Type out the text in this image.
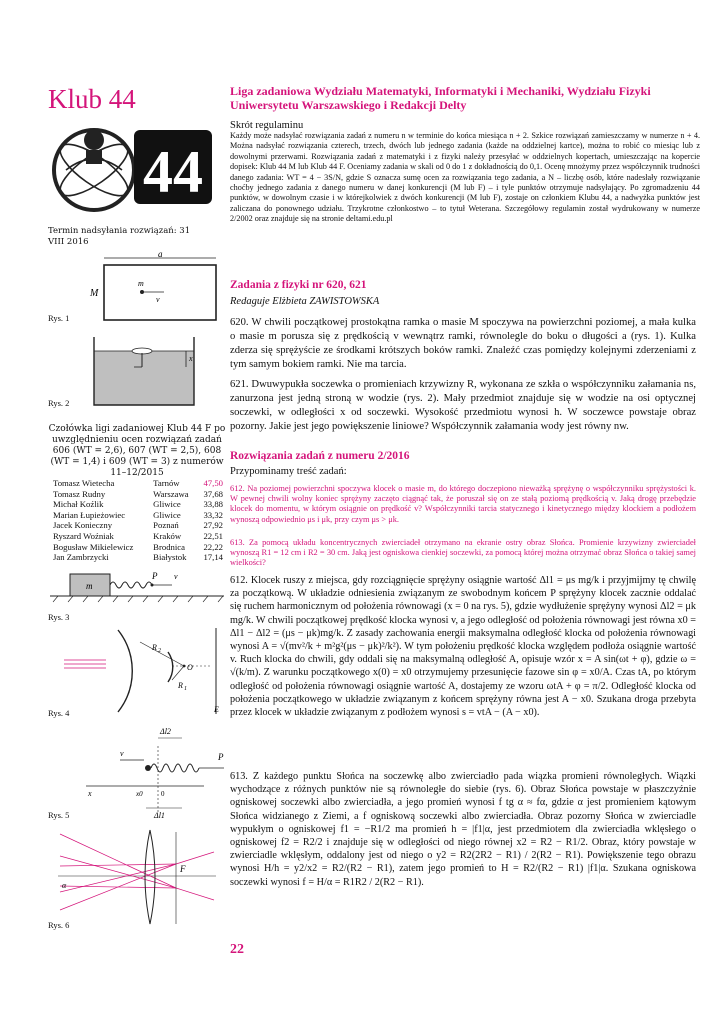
Klub 44
44
Termin nadsyłania rozwiązań: 31 VIII 2016
a
M
m
v
Rys. 1
x
Rys. 2
Czołówka ligi zadaniowej Klub 44 F po uwzględnieniu ocen rozwiązań zadań 606 (WT = 2,6), 607 (WT = 2,5), 608 (WT = 1,4) i 609 (WT = 3) z numerów 11–12/2015
Tomasz Wietecha	Tarnów	47,50
Tomasz Rudny	Warszawa	37,68
Michał Koźlik	Gliwice	33,88
Marian Łupieżowiec	Gliwice	33,32
Jacek Konieczny	Poznań	27,92
Ryszard Woźniak	Kraków	22,51
Bogusław Mikielewicz	Brodnica	22,22
Jan Zambrzycki	Białystok	17,14
m
P v
Rys. 3
O
R 2
R 1
E
Rys. 4
Δl2
v	P
x	x0	0
Δl1
Rys. 5
F
α
Rys. 6
Liga zadaniowa Wydziału Matematyki, Informatyki i Mechaniki, Wydziału Fizyki Uniwersytetu Warszawskiego i Redakcji Delty
Skrót regulaminu
Każdy może nadsyłać rozwiązania zadań z numeru n w terminie do końca miesiąca n + 2. Szkice rozwiązań zamieszczamy w numerze n + 4. Można nadsyłać rozwiązania czterech, trzech, dwóch lub jednego zadania (każde na oddzielnej kartce), można to robić co miesiąc lub z dowolnymi przerwami. Rozwiązania zadań z matematyki i z fizyki należy przesyłać w oddzielnych kopertach, umieszczając na kopercie dopisek: Klub 44 M lub Klub 44 F. Oceniamy zadania w skali od 0 do 1 z dokładnością do 0,1. Ocenę mnożymy przez współczynnik trudności danego zadania: WT = 4 − 3S/N, gdzie S oznacza sumę ocen za rozwiązania tego zadania, a N – liczbę osób, które nadesłały rozwiązanie choćby jednego zadania z danego numeru w danej konkurencji (M lub F) – i tyle punktów otrzymuje nadsyłający. Po zgromadzeniu 44 punktów, w dowolnym czasie i w którejkolwiek z dwóch konkurencji (M lub F), zostaje on członkiem Klubu 44, a nadwyżka punktów jest zaliczana do ponownego udziału. Trzykrotne członkostwo – to tytuł Weterana. Szczegółowy regulamin został wydrukowany w numerze 2/2002 oraz znajduje się na stronie deltami.edu.pl
Zadania z fizyki nr 620, 621
Redaguje Elżbieta ZAWISTOWSKA
620. W chwili początkowej prostokątna ramka o masie M spoczywa na powierzchni poziomej, a mała kulka o masie m porusza się z prędkością v wewnątrz ramki, równolegle do boku o długości a (rys. 1). Kulka zderza się sprężyście ze środkami krótszych boków ramki. Znaleźć czas pomiędzy kolejnymi zderzeniami z tym samym bokiem ramki. Nie ma tarcia.
621. Dwuwypukła soczewka o promieniach krzywizny R, wykonana ze szkła o współczynniku załamania ns, zanurzona jest jedną stroną w wodzie (rys. 2). Mały przedmiot znajduje się w wodzie na osi optycznej soczewki, w odległości x od soczewki. Wysokość przedmiotu wynosi h. W soczewce powstaje obraz pozorny. Jakie jest jego powiększenie liniowe? Współczynnik załamania wody jest równy nw.
Rozwiązania zadań z numeru 2/2016
Przypominamy treść zadań:
612. Na poziomej powierzchni spoczywa klocek o masie m, do którego doczepiono nieważką sprężynę o współczynniku sprężystości k. W pewnej chwili wolny koniec sprężyny zaczęto ciągnąć tak, że poruszał się on ze stałą poziomą prędkością v. Jaką drogę przebędzie klocek do momentu, w którym osiągnie on prędkość v? Współczynniki tarcia statycznego i kinetycznego między klockiem a podłożem wynoszą odpowiednio μs i μk, przy czym μs > μk.
613. Za pomocą układu koncentrycznych zwierciadeł otrzymano na ekranie ostry obraz Słońca. Promienie krzywizny zwierciadeł wynoszą R1 = 12 cm i R2 = 30 cm. Jaką jest ogniskowa cienkiej soczewki, za pomocą której można otrzymać obraz Słońca o takiej samej wielkości?
612. Klocek ruszy z miejsca, gdy rozciągnięcie sprężyny osiągnie wartość Δl1 = μs mg/k i przyjmijmy tę chwilę za początkową. W układzie odniesienia związanym ze swobodnym końcem P sprężyny klocek zacznie oddalać się ruchem harmonicznym od położenia równowagi (x = 0 na rys. 5), gdzie wydłużenie sprężyny wynosi Δl2 = μk mg/k. W chwili początkowej prędkość klocka wynosi v, a jego odległość od położenia równowagi jest równa x0 = Δl1 − Δl2 = (μs − μk)mg/k. Z zasady zachowania energii maksymalna odległość klocka od położenia równowagi wynosi A = √(mv²/k + m²g²(μs − μk)²/k²). W tym położeniu prędkość klocka względem podłoża osiągnie wartość v. Ruch klocka do chwili, gdy oddali się na maksymalną odległość A, opisuje wzór x = A sin(ωt + φ), gdzie ω = √(k/m). Z warunku początkowego x(0) = x0 otrzymujemy przesunięcie fazowe sin φ = x0/A. Czas tA, po którym odległość od położenia równowagi osiągnie wartość A, dostajemy ze wzoru ωtA + φ = π/2. Odległość klocka od położenia początkowego w układzie związanym z końcem sprężyny równa jest A − x0. Szukana droga przebyta przez klocek w układzie związanym z podłożem wynosi s = vtA − (A − x0).
613. Z każdego punktu Słońca na soczewkę albo zwierciadło pada wiązka promieni równoległych. Wiązki wychodzące z różnych punktów nie są równoległe do siebie (rys. 6). Obraz Słońca powstaje w płaszczyźnie ogniskowej soczewki albo zwierciadła, a jego promień wynosi f tg α ≈ fα, gdzie α jest promieniem kątowym Słońca widzianego z Ziemi, a f ogniskową soczewki albo zwierciadła. Obraz pozorny Słońca w zwierciadle wypukłym o ogniskowej f1 = −R1/2 ma promień h = |f1|α, jest przedmiotem dla zwierciadła wklęsłego o ogniskowej f2 = R2/2 i znajduje się w odległości od niego równej x2 = R2 − R1/2. Obraz, który powstaje w zwierciadle wklęsłym, oddalony jest od niego o y2 = R2(2R2 − R1) / 2(R2 − R1). Powiększenie tego obrazu wynosi H/h = y2/x2 = R2/(R2 − R1), zatem jego promień to H = R2/(R2 − R1) |f1|α. Szukana ogniskowa soczewki wynosi f = H/α = R1R2 / 2(R2 − R1).
22
